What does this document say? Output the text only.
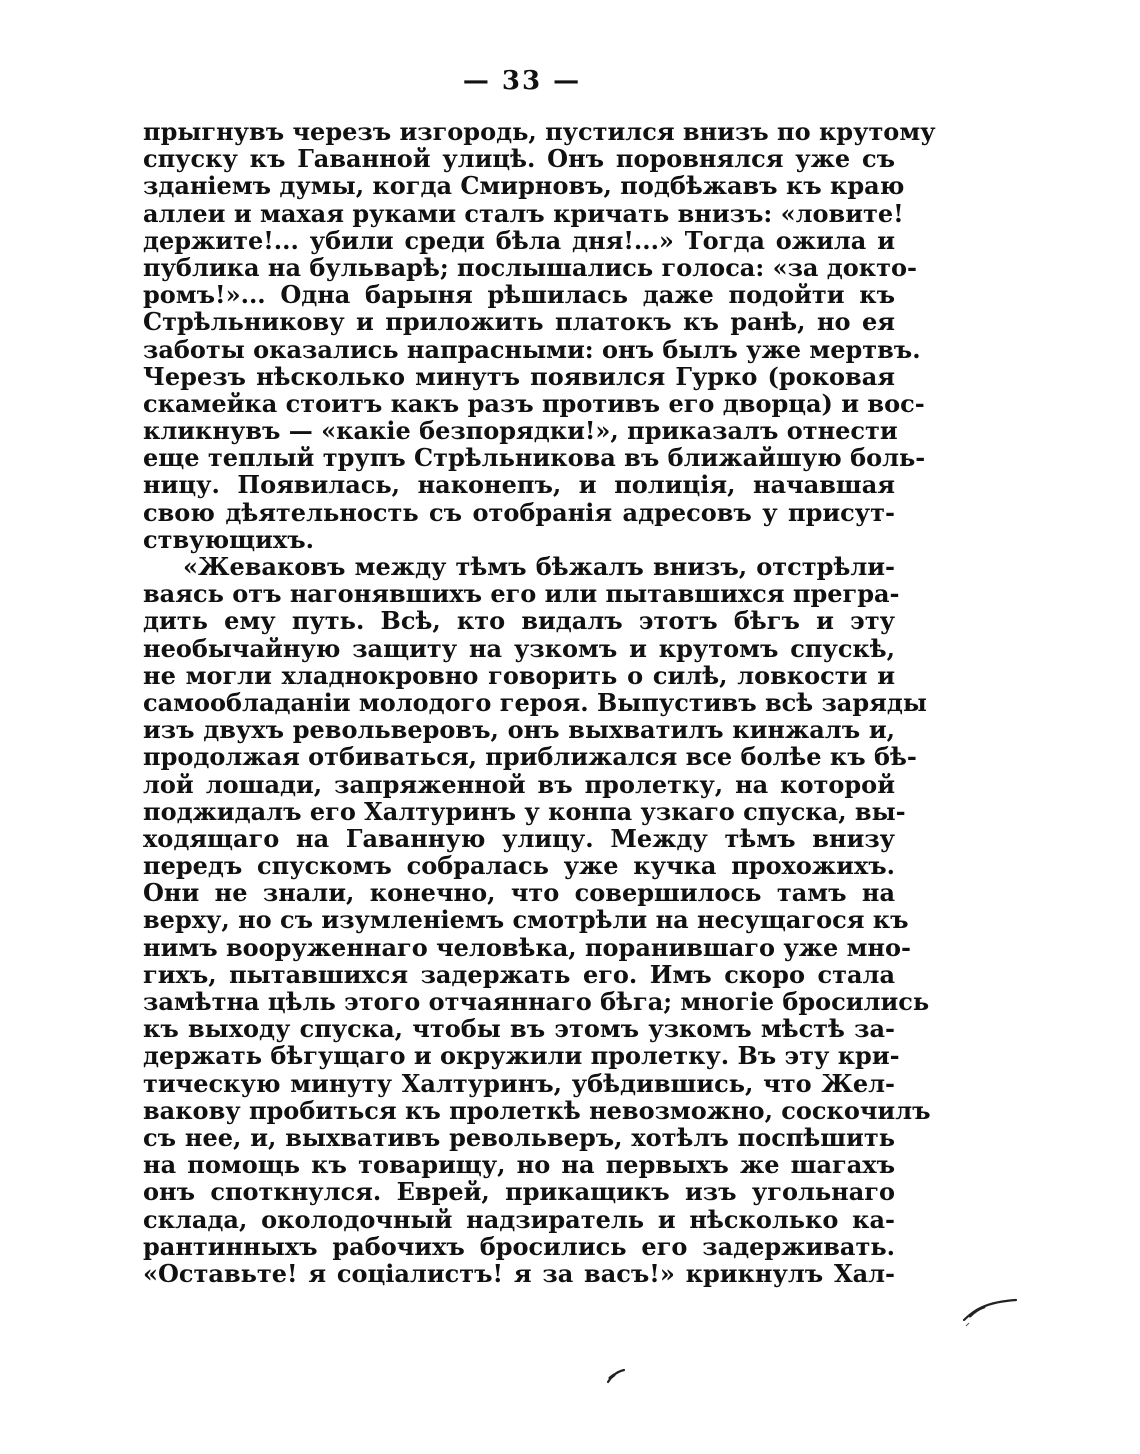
— 33 —
прыгнувъ черезъ изгородь, пустился внизъ по крутому
спуску къ Гаванной улицѣ. Онъ поровнялся уже съ
зданіемъ думы, когда Смирновъ, подбѣжавъ къ краю
аллеи и махая руками сталъ кричать внизъ: «ловите!
держите!... убили среди бѣла дня!...» Тогда ожила и
публика на бульварѣ; послышались голоса: «за докто-
ромъ!»... Одна барыня рѣшилась даже подойти къ
Стрѣльникову и приложить платокъ къ ранѣ, но ея
заботы оказались напрасными: онъ былъ уже мертвъ.
Черезъ нѣсколько минутъ появился Гурко (роковая
скамейка стоитъ какъ разъ противъ его дворца) и вос-
кликнувъ — «какіе безпорядки!», приказалъ отнести
еще теплый трупъ Стрѣльникова въ ближайшую боль-
ницу. Появилась, наконепъ, и полиція, начавшая
свою дѣятельность съ отобранія адресовъ у присут-
ствующихъ.
«Жеваковъ между тѣмъ бѣжалъ внизъ, отстрѣли-
ваясь отъ нагонявшихъ его или пытавшихся прегра-
дить ему путь. Всѣ, кто видалъ этотъ бѣгъ и эту
необычайную защиту на узкомъ и крутомъ спускѣ,
не могли хладнокровно говорить о силѣ, ловкости и
самообладаніи молодого героя. Выпустивъ всѣ заряды
изъ двухъ револьверовъ, онъ выхватилъ кинжалъ и,
продолжая отбиваться, приближался все болѣе къ бѣ-
лой лошади, запряженной въ пролетку, на которой
поджидалъ его Халтуринъ у конпа узкаго спуска, вы-
ходящаго на Гаванную улицу. Между тѣмъ внизу
передъ спускомъ собралась уже кучка прохожихъ.
Они не знали, конечно, что совершилось тамъ на
верху, но съ изумленіемъ смотрѣли на несущагося къ
нимъ вооруженнаго человѣка, поранившаго уже мно-
гихъ, пытавшихся задержать его. Имъ скоро стала
замѣтна цѣль этого отчаяннаго бѣга; многіе бросились
къ выходу спуска, чтобы въ этомъ узкомъ мѣстѣ за-
держать бѣгущаго и окружили пролетку. Въ эту кри-
тическую минуту Халтуринъ, убѣдившись, что Жел-
вакову пробиться къ пролеткѣ невозможно, соскочилъ
съ нее, и, выхвативъ револьверъ, хотѣлъ поспѣшить
на помощь къ товарищу, но на первыхъ же шагахъ
онъ споткнулся. Еврей, прикащикъ изъ угольнаго
склада, околодочный надзиратель и нѣсколько ка-
рантинныхъ рабочихъ бросились его задерживать.
«Оставьте! я соціалистъ! я за васъ!» крикнулъ Хал-
